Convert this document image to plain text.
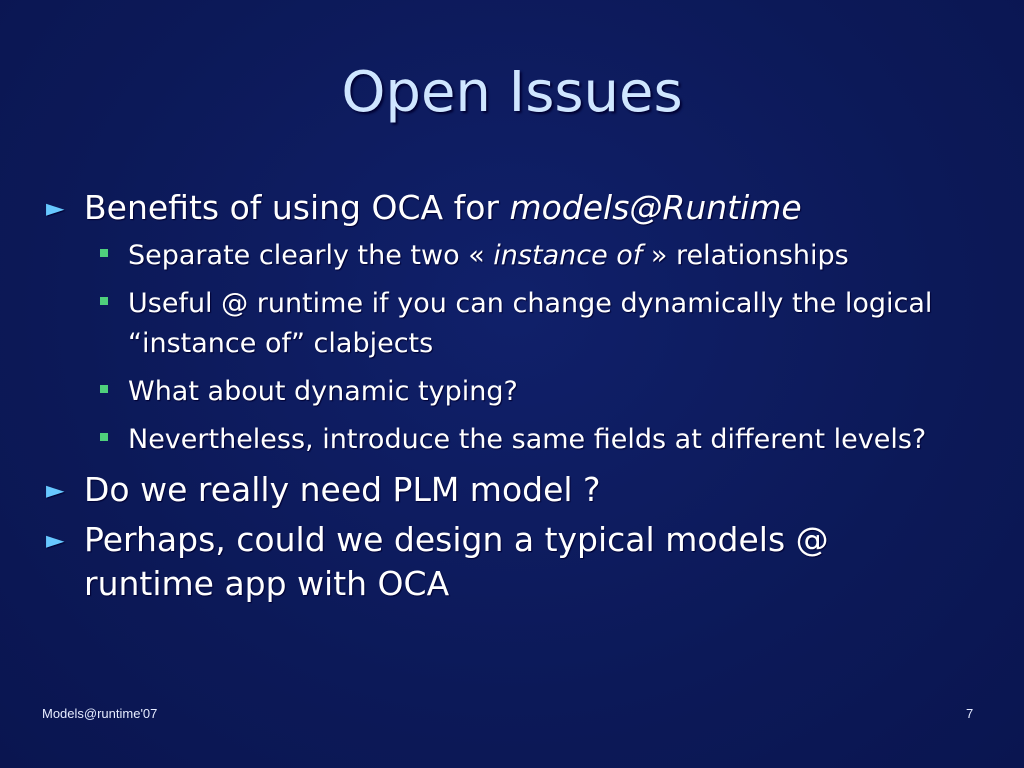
Open Issues
► Benefits of using OCA for models@Runtime
Separate clearly the two « instance of » relationships
Useful @ runtime if you can change dynamically the logical “instance of” clabjects
What about dynamic typing?
Nevertheless, introduce the same fields at different levels?
► Do we really need PLM model ?
► Perhaps, could we design a typical models @ runtime app with OCA
Models@runtime'07	7
